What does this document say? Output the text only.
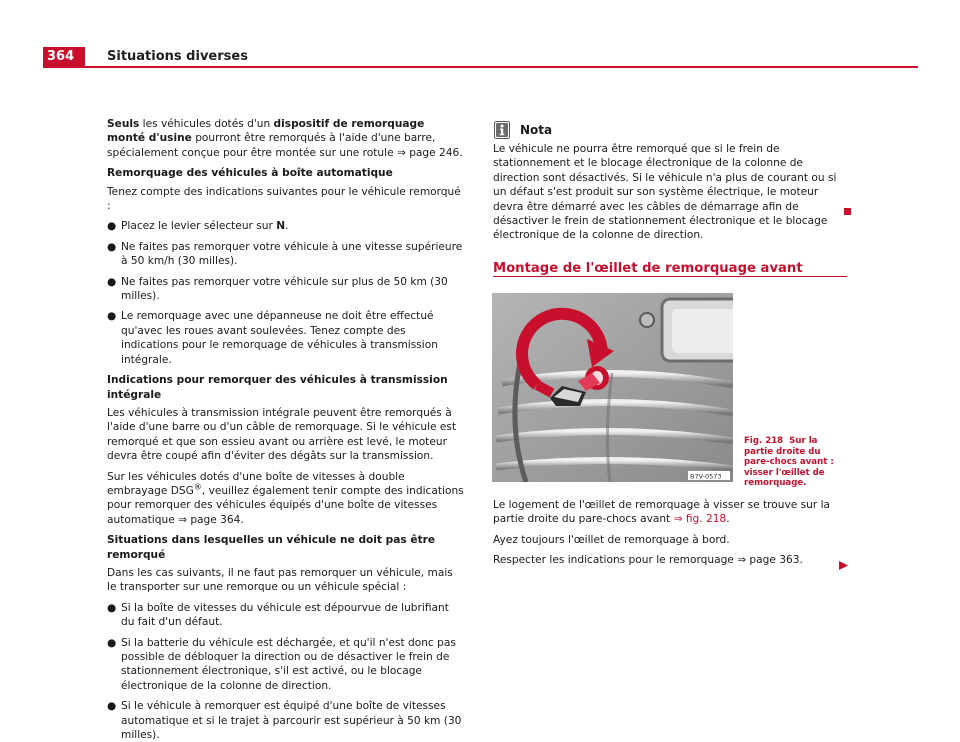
364	Situations diverses

Seuls les véhicules dotés d'un dispositif de remorquage monté d'usine pourront être remorqués à l'aide d'une barre, spécialement conçue pour être montée sur une rotule ⇒ page 246.

Remorquage des véhicules à boîte automatique

Tenez compte des indications suivantes pour le véhicule remorqué :

● Placez le levier sélecteur sur N.

● Ne faites pas remorquer votre véhicule à une vitesse supérieure à 50 km/h (30 milles).

● Ne faites pas remorquer votre véhicule sur plus de 50 km (30 milles).

● Le remorquage avec une dépanneuse ne doit être effectué qu'avec les roues avant soulevées. Tenez compte des indications pour le remorquage de véhicules à transmission intégrale.

Indications pour remorquer des véhicules à transmission intégrale

Les véhicules à transmission intégrale peuvent être remorqués à l'aide d'une barre ou d'un câble de remorquage. Si le véhicule est remorqué et que son essieu avant ou arrière est levé, le moteur devra être coupé afin d'éviter des dégâts sur la transmission.

Sur les véhicules dotés d'une boîte de vitesses à double embrayage DSG®, veuillez également tenir compte des indications pour remorquer des véhicules équipés d'une boîte de vitesses automatique ⇒ page 364.

Situations dans lesquelles un véhicule ne doit pas être remorqué

Dans les cas suivants, il ne faut pas remorquer un véhicule, mais le transporter sur une remorque ou un véhicule spécial :

● Si la boîte de vitesses du véhicule est dépourvue de lubrifiant du fait d'un défaut.

● Si la batterie du véhicule est déchargée, et qu'il n'est donc pas possible de débloquer la direction ou de désactiver le frein de stationnement électronique, s'il est activé, ou le blocage électronique de la colonne de direction.

● Si le véhicule à remorquer est équipé d'une boîte de vitesses automatique et si le trajet à parcourir est supérieur à 50 km (30 milles).

Nota

Le véhicule ne pourra être remorqué que si le frein de stationnement et le blocage électronique de la colonne de direction sont désactivés. Si le véhicule n'a plus de courant ou si un défaut s'est produit sur son système électrique, le moteur devra être démarré avec les câbles de démarrage afin de désactiver le frein de stationnement électronique et le blocage électronique de la colonne de direction.

Montage de l'œillet de remorquage avant
B7V-0573
Fig. 218 Sur la partie droite du pare-chocs avant : visser l'œillet de remorquage.

Le logement de l'œillet de remorquage à visser se trouve sur la partie droite du pare-chocs avant ⇒ fig. 218.

Ayez toujours l'œillet de remorquage à bord.

Respecter les indications pour le remorquage ⇒ page 363.
